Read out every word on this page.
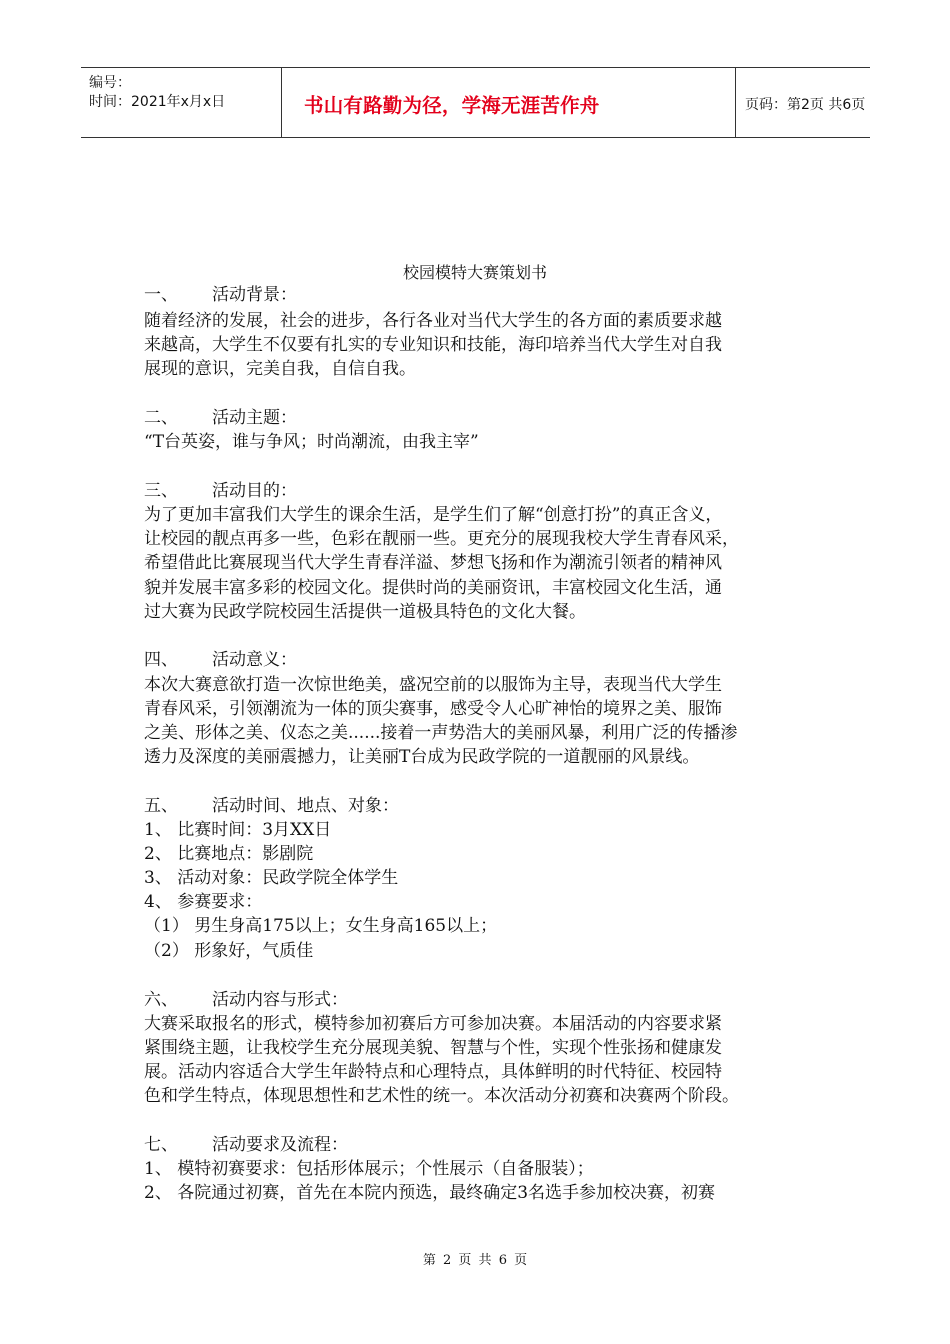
编号：
时间：2021年x月x日	书山有路勤为径，学海无涯苦作舟	页码：第2页 共6页
校园模特大赛策划书
一、 活动背景：
随着经济的发展，社会的进步，各行各业对当代大学生的各方面的素质要求越
来越高，大学生不仅要有扎实的专业知识和技能，海印培养当代大学生对自我
展现的意识，完美自我，自信自我。
二、 活动主题：
“T台英姿，谁与争风；时尚潮流，由我主宰”
三、 活动目的：
为了更加丰富我们大学生的课余生活，是学生们了解“创意打扮”的真正含义，
让校园的靓点再多一些，色彩在靓丽一些。更充分的展现我校大学生青春风采，
希望借此比赛展现当代大学生青春洋溢、梦想飞扬和作为潮流引领者的精神风
貌并发展丰富多彩的校园文化。提供时尚的美丽资讯，丰富校园文化生活，通
过大赛为民政学院校园生活提供一道极具特色的文化大餐。
四、 活动意义：
本次大赛意欲打造一次惊世绝美，盛况空前的以服饰为主导，表现当代大学生
青春风采，引领潮流为一体的顶尖赛事，感受令人心旷神怡的境界之美、服饰
之美、形体之美、仪态之美......接着一声势浩大的美丽风暴，利用广泛的传播渗
透力及深度的美丽震撼力，让美丽T台成为民政学院的一道靓丽的风景线。
五、 活动时间、地点、对象：
1、 比赛时间：3月XX日
2、 比赛地点：影剧院
3、 活动对象：民政学院全体学生
4、 参赛要求：
（1） 男生身高175以上；女生身高165以上；
（2） 形象好，气质佳
六、 活动内容与形式：
大赛采取报名的形式，模特参加初赛后方可参加决赛。本届活动的内容要求紧
紧围绕主题，让我校学生充分展现美貌、智慧与个性，实现个性张扬和健康发
展。活动内容适合大学生年龄特点和心理特点，具体鲜明的时代特征、校园特
色和学生特点，体现思想性和艺术性的统一。本次活动分初赛和决赛两个阶段。
七、 活动要求及流程：
1、 模特初赛要求：包括形体展示；个性展示（自备服装）；
2、 各院通过初赛，首先在本院内预选，最终确定3名选手参加校决赛，初赛
第 2 页 共 6 页
